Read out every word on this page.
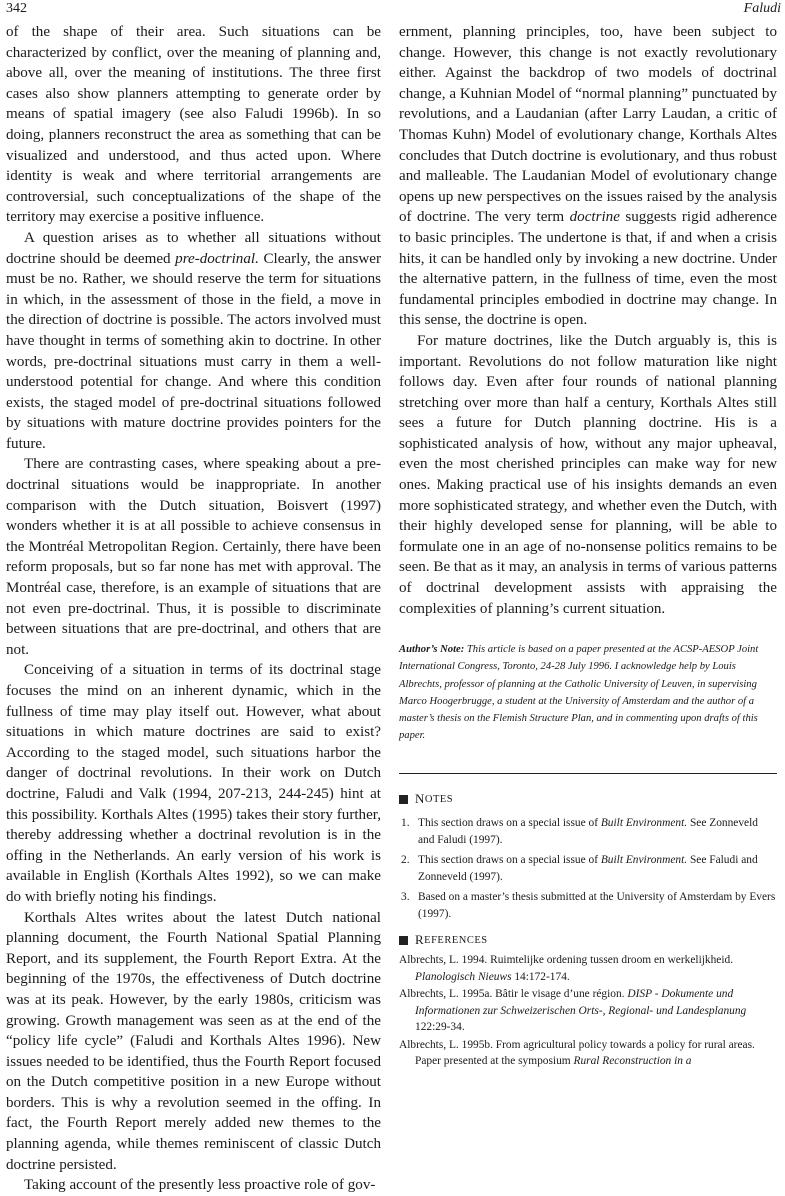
342	Faludi

of the shape of their area. Such situations can be characterized by conflict, over the meaning of planning and, above all, over the meaning of institutions. The three first cases also show planners attempting to generate order by means of spatial imagery (see also Faludi 1996b). In so doing, planners reconstruct the area as something that can be visualized and understood, and thus acted upon. Where identity is weak and where territorial arrangements are controversial, such conceptualizations of the shape of the territory may exercise a positive influence.

A question arises as to whether all situations without doctrine should be deemed pre-doctrinal. Clearly, the answer must be no. Rather, we should reserve the term for situations in which, in the assessment of those in the field, a move in the direction of doctrine is possible. The actors involved must have thought in terms of something akin to doctrine. In other words, pre-doctrinal situations must carry in them a well-understood potential for change. And where this condition exists, the staged model of pre-doctrinal situations followed by situations with mature doctrine provides pointers for the future.

There are contrasting cases, where speaking about a pre-doctrinal situations would be inappropriate. In another comparison with the Dutch situation, Boisvert (1997) wonders whether it is at all possible to achieve consensus in the Montréal Metropolitan Region. Certainly, there have been reform proposals, but so far none has met with approval. The Montréal case, therefore, is an example of situations that are not even pre-doctrinal. Thus, it is possible to discriminate between situations that are pre-doctrinal, and others that are not.

Conceiving of a situation in terms of its doctrinal stage focuses the mind on an inherent dynamic, which in the fullness of time may play itself out. However, what about situations in which mature doctrines are said to exist? According to the staged model, such situations harbor the danger of doctrinal revolutions. In their work on Dutch doctrine, Faludi and Valk (1994, 207-213, 244-245) hint at this possibility. Korthals Altes (1995) takes their story further, thereby addressing whether a doctrinal revolution is in the offing in the Netherlands. An early version of his work is available in English (Korthals Altes 1992), so we can make do with briefly noting his findings.

Korthals Altes writes about the latest Dutch national planning document, the Fourth National Spatial Planning Report, and its supplement, the Fourth Report Extra. At the beginning of the 1970s, the effectiveness of Dutch doctrine was at its peak. However, by the early 1980s, criticism was growing. Growth management was seen as at the end of the “policy life cycle” (Faludi and Korthals Altes 1996). New issues needed to be identified, thus the Fourth Report focused on the Dutch competitive position in a new Europe without borders. This is why a revolution seemed in the offing. In fact, the Fourth Report merely added new themes to the planning agenda, while themes reminiscent of classic Dutch doctrine persisted.

Taking account of the presently less proactive role of gov-

ernment, planning principles, too, have been subject to change. However, this change is not exactly revolutionary either. Against the backdrop of two models of doctrinal change, a Kuhnian Model of “normal planning” punctuated by revolutions, and a Laudanian (after Larry Laudan, a critic of Thomas Kuhn) Model of evolutionary change, Korthals Altes concludes that Dutch doctrine is evolutionary, and thus robust and malleable. The Laudanian Model of evolutionary change opens up new perspectives on the issues raised by the analysis of doctrine. The very term doctrine suggests rigid adherence to basic principles. The undertone is that, if and when a crisis hits, it can be handled only by invoking a new doctrine. Under the alternative pattern, in the fullness of time, even the most fundamental principles embodied in doctrine may change. In this sense, the doctrine is open.

For mature doctrines, like the Dutch arguably is, this is important. Revolutions do not follow maturation like night follows day. Even after four rounds of national planning stretching over more than half a century, Korthals Altes still sees a future for Dutch planning doctrine. His is a sophisticated analysis of how, without any major upheaval, even the most cherished principles can make way for new ones. Making practical use of his insights demands an even more sophisticated strategy, and whether even the Dutch, with their highly developed sense for planning, will be able to formulate one in an age of no-nonsense politics remains to be seen. Be that as it may, an analysis in terms of various patterns of doctrinal development assists with appraising the complexities of planning’s current situation.

Author’s Note: This article is based on a paper presented at the ACSP-AESOP Joint International Congress, Toronto, 24-28 July 1996. I acknowledge help by Louis Albrechts, professor of planning at the Catholic University of Leuven, in supervising Marco Hoogerbrugge, a student at the University of Amsterdam and the author of a master’s thesis on the Flemish Structure Plan, and in commenting upon drafts of this paper.
N OTES
1. This section draws on a special issue of Built Environment. See Zonneveld and Faludi (1997).
2. This section draws on a special issue of Built Environment. See Faludi and Zonneveld (1997).
3. Based on a master’s thesis submitted at the University of Amsterdam by Evers (1997).
R EFERENCES
Albrechts, L. 1994. Ruimtelijke ordening tussen droom en werkelijkheid. Planologisch Nieuws 14:172-174.
Albrechts, L. 1995a. Bâtir le visage d’une région. DISP - Dokumente und Informationen zur Schweizerischen Orts-, Regional- und Landesplanung 122:29-34.
Albrechts, L. 1995b. From agricultural policy towards a policy for rural areas. Paper presented at the symposium Rural Reconstruction in a
